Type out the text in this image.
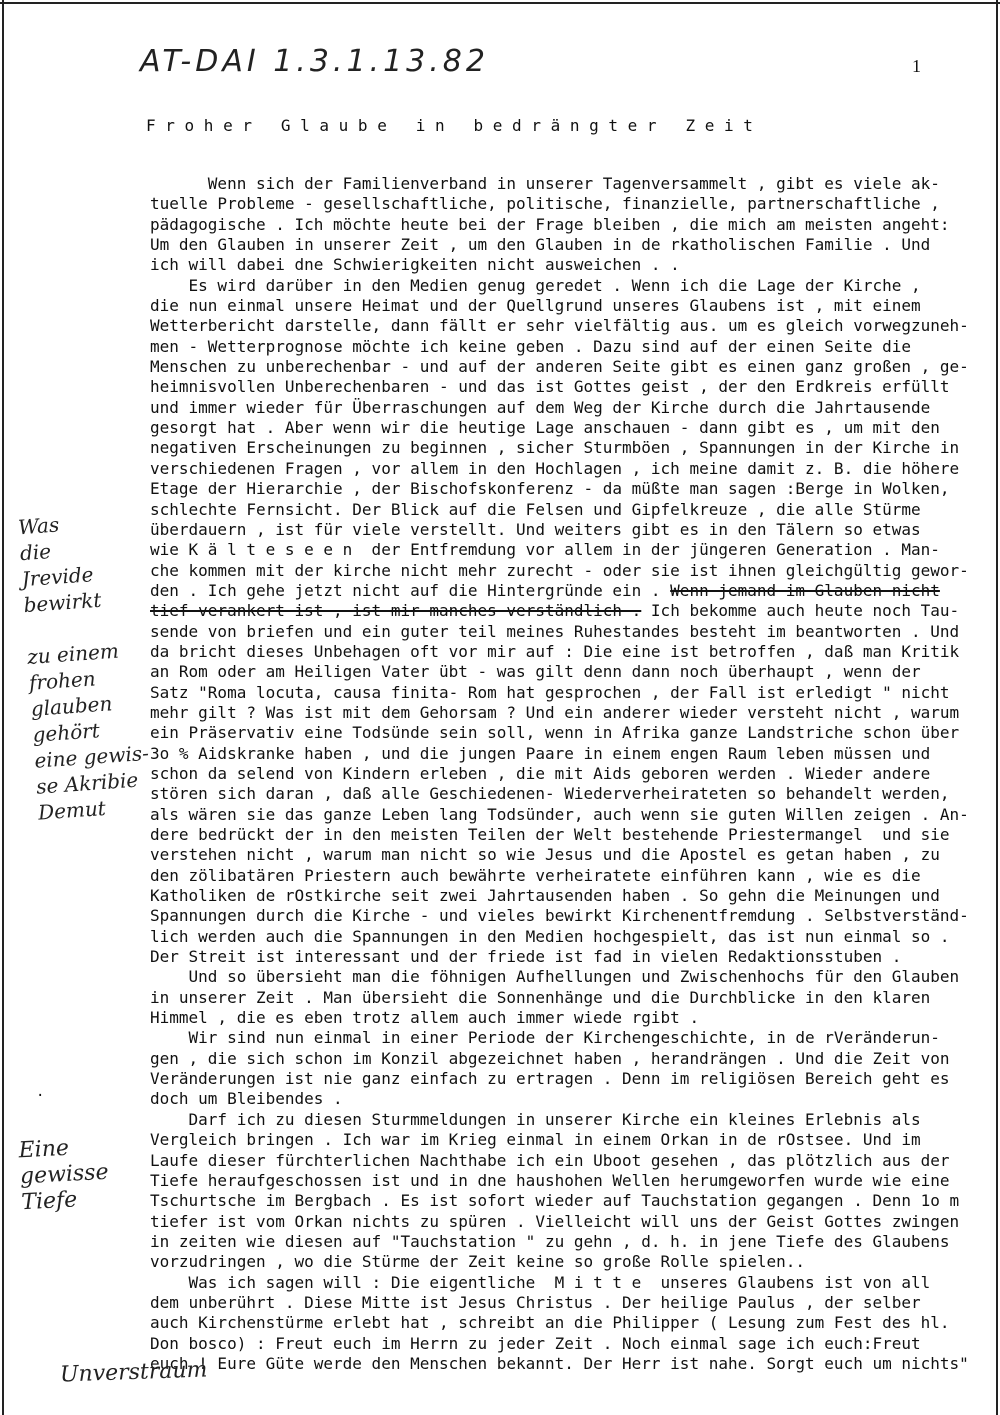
AT-DAI 1.3.1.13.82	1
F r o h e r   G l a u b e   i n   b e d r ä n g t e r   Z e i t
Wenn sich der Familienverband in unserer Tagenversammelt , gibt es viele ak-
tuelle Probleme - gesellschaftliche, politische, finanzielle, partnerschaftliche ,
pädagogische . Ich möchte heute bei der Frage bleiben , die mich am meisten angeht:
Um den Glauben in unserer Zeit , um den Glauben in de rkatholischen Familie . Und
ich will dabei dne Schwierigkeiten nicht ausweichen . .
Es wird darüber in den Medien genug geredet . Wenn ich die Lage der Kirche ,
die nun einmal unsere Heimat und der Quellgrund unseres Glaubens ist , mit einem
Wetterbericht darstelle, dann fällt er sehr vielfältig aus. um es gleich vorwegzuneh-
men - Wetterprognose möchte ich keine geben . Dazu sind auf der einen Seite die
Menschen zu unberechenbar - und auf der anderen Seite gibt es einen ganz großen , ge-
heimnisvollen Unberechenbaren - und das ist Gottes geist , der den Erdkreis erfüllt
und immer wieder für Überraschungen auf dem Weg der Kirche durch die Jahrtausende
gesorgt hat . Aber wenn wir die heutige Lage anschauen - dann gibt es , um mit den
negativen Erscheinungen zu beginnen , sicher Sturmböen , Spannungen in der Kirche in
verschiedenen Fragen , vor allem in den Hochlagen , ich meine damit z. B. die höhere
Etage der Hierarchie , der Bischofskonferenz - da müßte man sagen :Berge in Wolken,
schlechte Fernsicht. Der Blick auf die Felsen und Gipfelkreuze , die alle Stürme
überdauern , ist für viele verstellt. Und weiters gibt es in den Tälern so etwas
wie K ä l t e s e e n  der Entfremdung vor allem in der jüngeren Generation . Man-
che kommen mit der kirche nicht mehr zurecht - oder sie ist ihnen gleichgültig gewor-
den . Ich gehe jetzt nicht auf die Hintergründe ein . Wenn jemand im Glauben nicht
tief verankert ist , ist mir manches verständlich . Ich bekomme auch heute noch Tau-
sende von briefen und ein guter teil meines Ruhestandes besteht im beantworten . Und
da bricht dieses Unbehagen oft vor mir auf : Die eine ist betroffen , daß man Kritik
an Rom oder am Heiligen Vater übt - was gilt denn dann noch überhaupt , wenn der
Satz "Roma locuta, causa finita- Rom hat gesprochen , der Fall ist erledigt " nicht
mehr gilt ? Was ist mit dem Gehorsam ? Und ein anderer wieder versteht nicht , warum
ein Präservativ eine Todsünde sein soll, wenn in Afrika ganze Landstriche schon über
3o % Aidskranke haben , und die jungen Paare in einem engen Raum leben müssen und
schon da selend von Kindern erleben , die mit Aids geboren werden . Wieder andere
stören sich daran , daß alle Geschiedenen- Wiederverheirateten so behandelt werden,
als wären sie das ganze Leben lang Todsünder, auch wenn sie guten Willen zeigen . An-
dere bedrückt der in den meisten Teilen der Welt bestehende Priestermangel  und sie
verstehen nicht , warum man nicht so wie Jesus und die Apostel es getan haben , zu
den zölibatären Priestern auch bewährte verheiratete einführen kann , wie es die
Katholiken de rOstkirche seit zwei Jahrtausenden haben . So gehn die Meinungen und
Spannungen durch die Kirche - und vieles bewirkt Kirchenentfremdung . Selbstverständ-
lich werden auch die Spannungen in den Medien hochgespielt, das ist nun einmal so .
Der Streit ist interessant und der friede ist fad in vielen Redaktionsstuben .
Und so übersieht man die föhnigen Aufhellungen und Zwischenhochs für den Glauben
in unserer Zeit . Man übersieht die Sonnenhänge und die Durchblicke in den klaren
Himmel , die es eben trotz allem auch immer wiede rgibt .
Wir sind nun einmal in einer Periode der Kirchengeschichte, in de rVeränderun-
gen , die sich schon im Konzil abgezeichnet haben , herandrängen . Und die Zeit von
Veränderungen ist nie ganz einfach zu ertragen . Denn im religiösen Bereich geht es
doch um Bleibendes .
Darf ich zu diesen Sturmmeldungen in unserer Kirche ein kleines Erlebnis als
Vergleich bringen . Ich war im Krieg einmal in einem Orkan in de rOstsee. Und im
Laufe dieser fürchterlichen Nachthabe ich ein Uboot gesehen , das plötzlich aus der
Tiefe heraufgeschossen ist und in dne haushohen Wellen herumgeworfen wurde wie eine
Tschurtsche im Bergbach . Es ist sofort wieder auf Tauchstation gegangen . Denn 1o m
tiefer ist vom Orkan nichts zu spüren . Vielleicht will uns der Geist Gottes zwingen
in zeiten wie diesen auf "Tauchstation " zu gehn , d. h. in jene Tiefe des Glaubens
vorzudringen , wo die Stürme der Zeit keine so große Rolle spielen..
Was ich sagen will : Die eigentliche  M i t t e  unseres Glaubens ist von all
dem unberührt . Diese Mitte ist Jesus Christus . Der heilige Paulus , der selber
auch Kirchenstürme erlebt hat , schreibt an die Philipper ( Lesung zum Fest des hl.
Don bosco) : Freut euch im Herrn zu jeder Zeit . Noch einmal sage ich euch:Freut
euch ! Eure Güte werde den Menschen bekannt. Der Herr ist nahe. Sorgt euch um nichts"
Was
die
Jrevide
bewirkt

zu einem
frohen
glauben
gehört
eine gewis-
se Akribie
Demut
·
Eine
gewisse
Tiefe
Unverstraum
